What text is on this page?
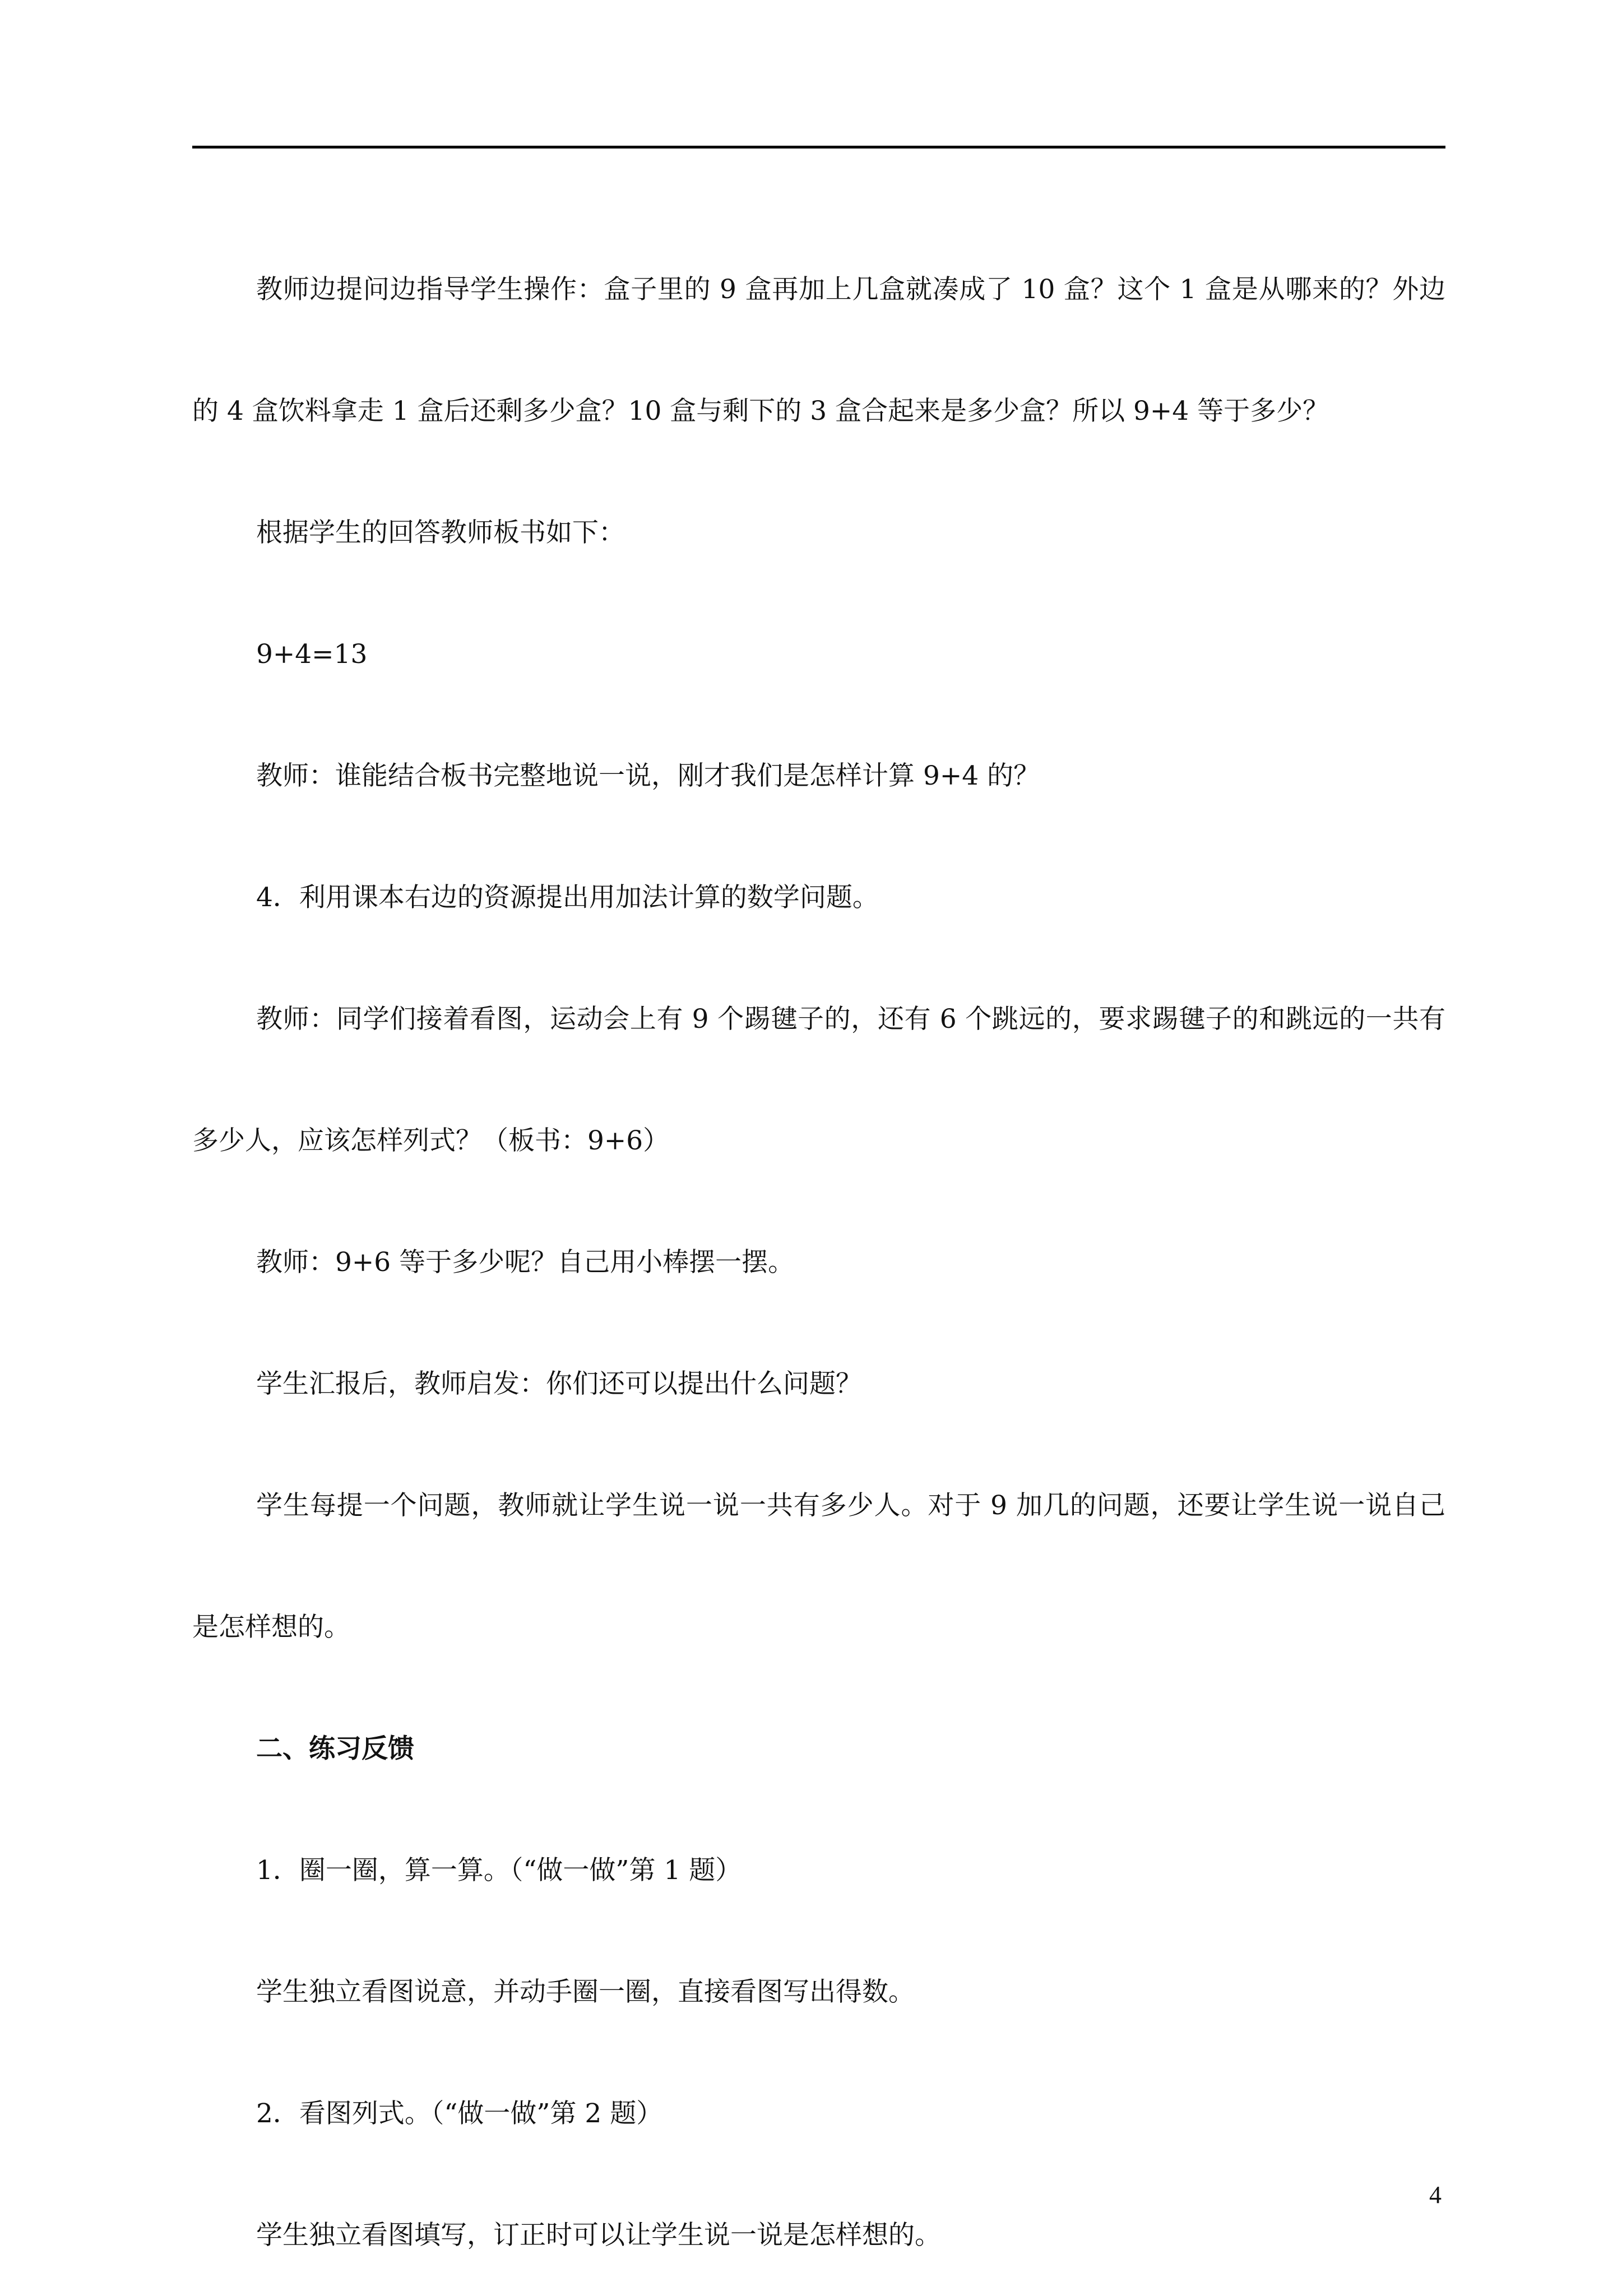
教师边提问边指导学生操作：盒子里的 9 盒再加上几盒就凑成了 10 盒？这个 1 盒是从哪来的？外边的 4 盒饮料拿走 1 盒后还剩多少盒？10 盒与剩下的 3 盒合起来是多少盒？所以 9+4 等于多少？

根据学生的回答教师板书如下：

9+4=13

教师：谁能结合板书完整地说一说，刚才我们是怎样计算 9+4 的？

4．利用课本右边的资源提出用加法计算的数学问题。

教师：同学们接着看图，运动会上有 9 个踢毽子的，还有 6 个跳远的，要求踢毽子的和跳远的一共有多少人，应该怎样列式？（板书：9+6）

教师：9+6 等于多少呢？自己用小棒摆一摆。

学生汇报后，教师启发：你们还可以提出什么问题？

学生每提一个问题，教师就让学生说一说一共有多少人。对于 9 加几的问题，还要让学生说一说自己是怎样想的。

二、练习反馈

1．圈一圈，算一算。（“做一做”第 1 题）

学生独立看图说意，并动手圈一圈，直接看图写出得数。

2．看图列式。（“做一做”第 2 题）

学生独立看图填写，订正时可以让学生说一说是怎样想的。

4
